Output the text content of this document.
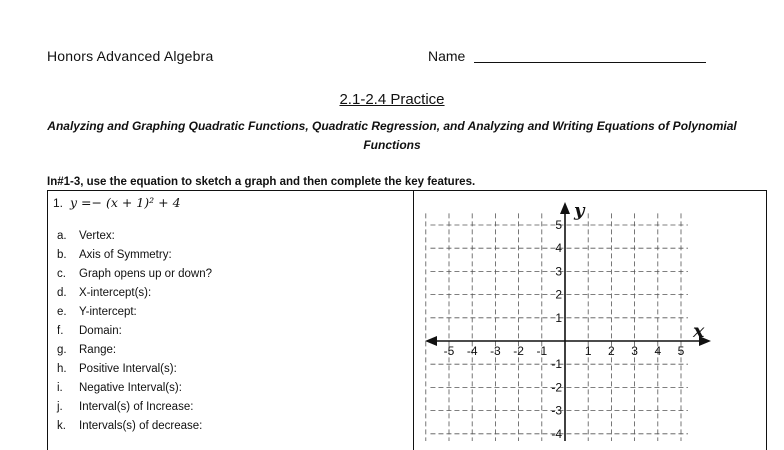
Honors Advanced Algebra	Name
2.1-2.4 Practice
Analyzing and Graphing Quadratic Functions, Quadratic Regression, and Analyzing and Writing Equations of Polynomial Functions
In#1-3, use the equation to sketch a graph and then complete the key features.
1. y =− (x + 1)² + 4
a.	Vertex:
b.	Axis of Symmetry:
c.	Graph opens up or down?
d.	X-intercept(s):
e.	Y-intercept:
f.	Domain:
g.	Range:
h.	Positive Interval(s):
i.	Negative Interval(s):
j.	Interval(s) of Increase:
k.	Intervals(s) of decrease:
-5 -4 -3 -2 -1	1 2 3 4 5
5
4
3
2
1
-1
-2
-3
-4
x
y
